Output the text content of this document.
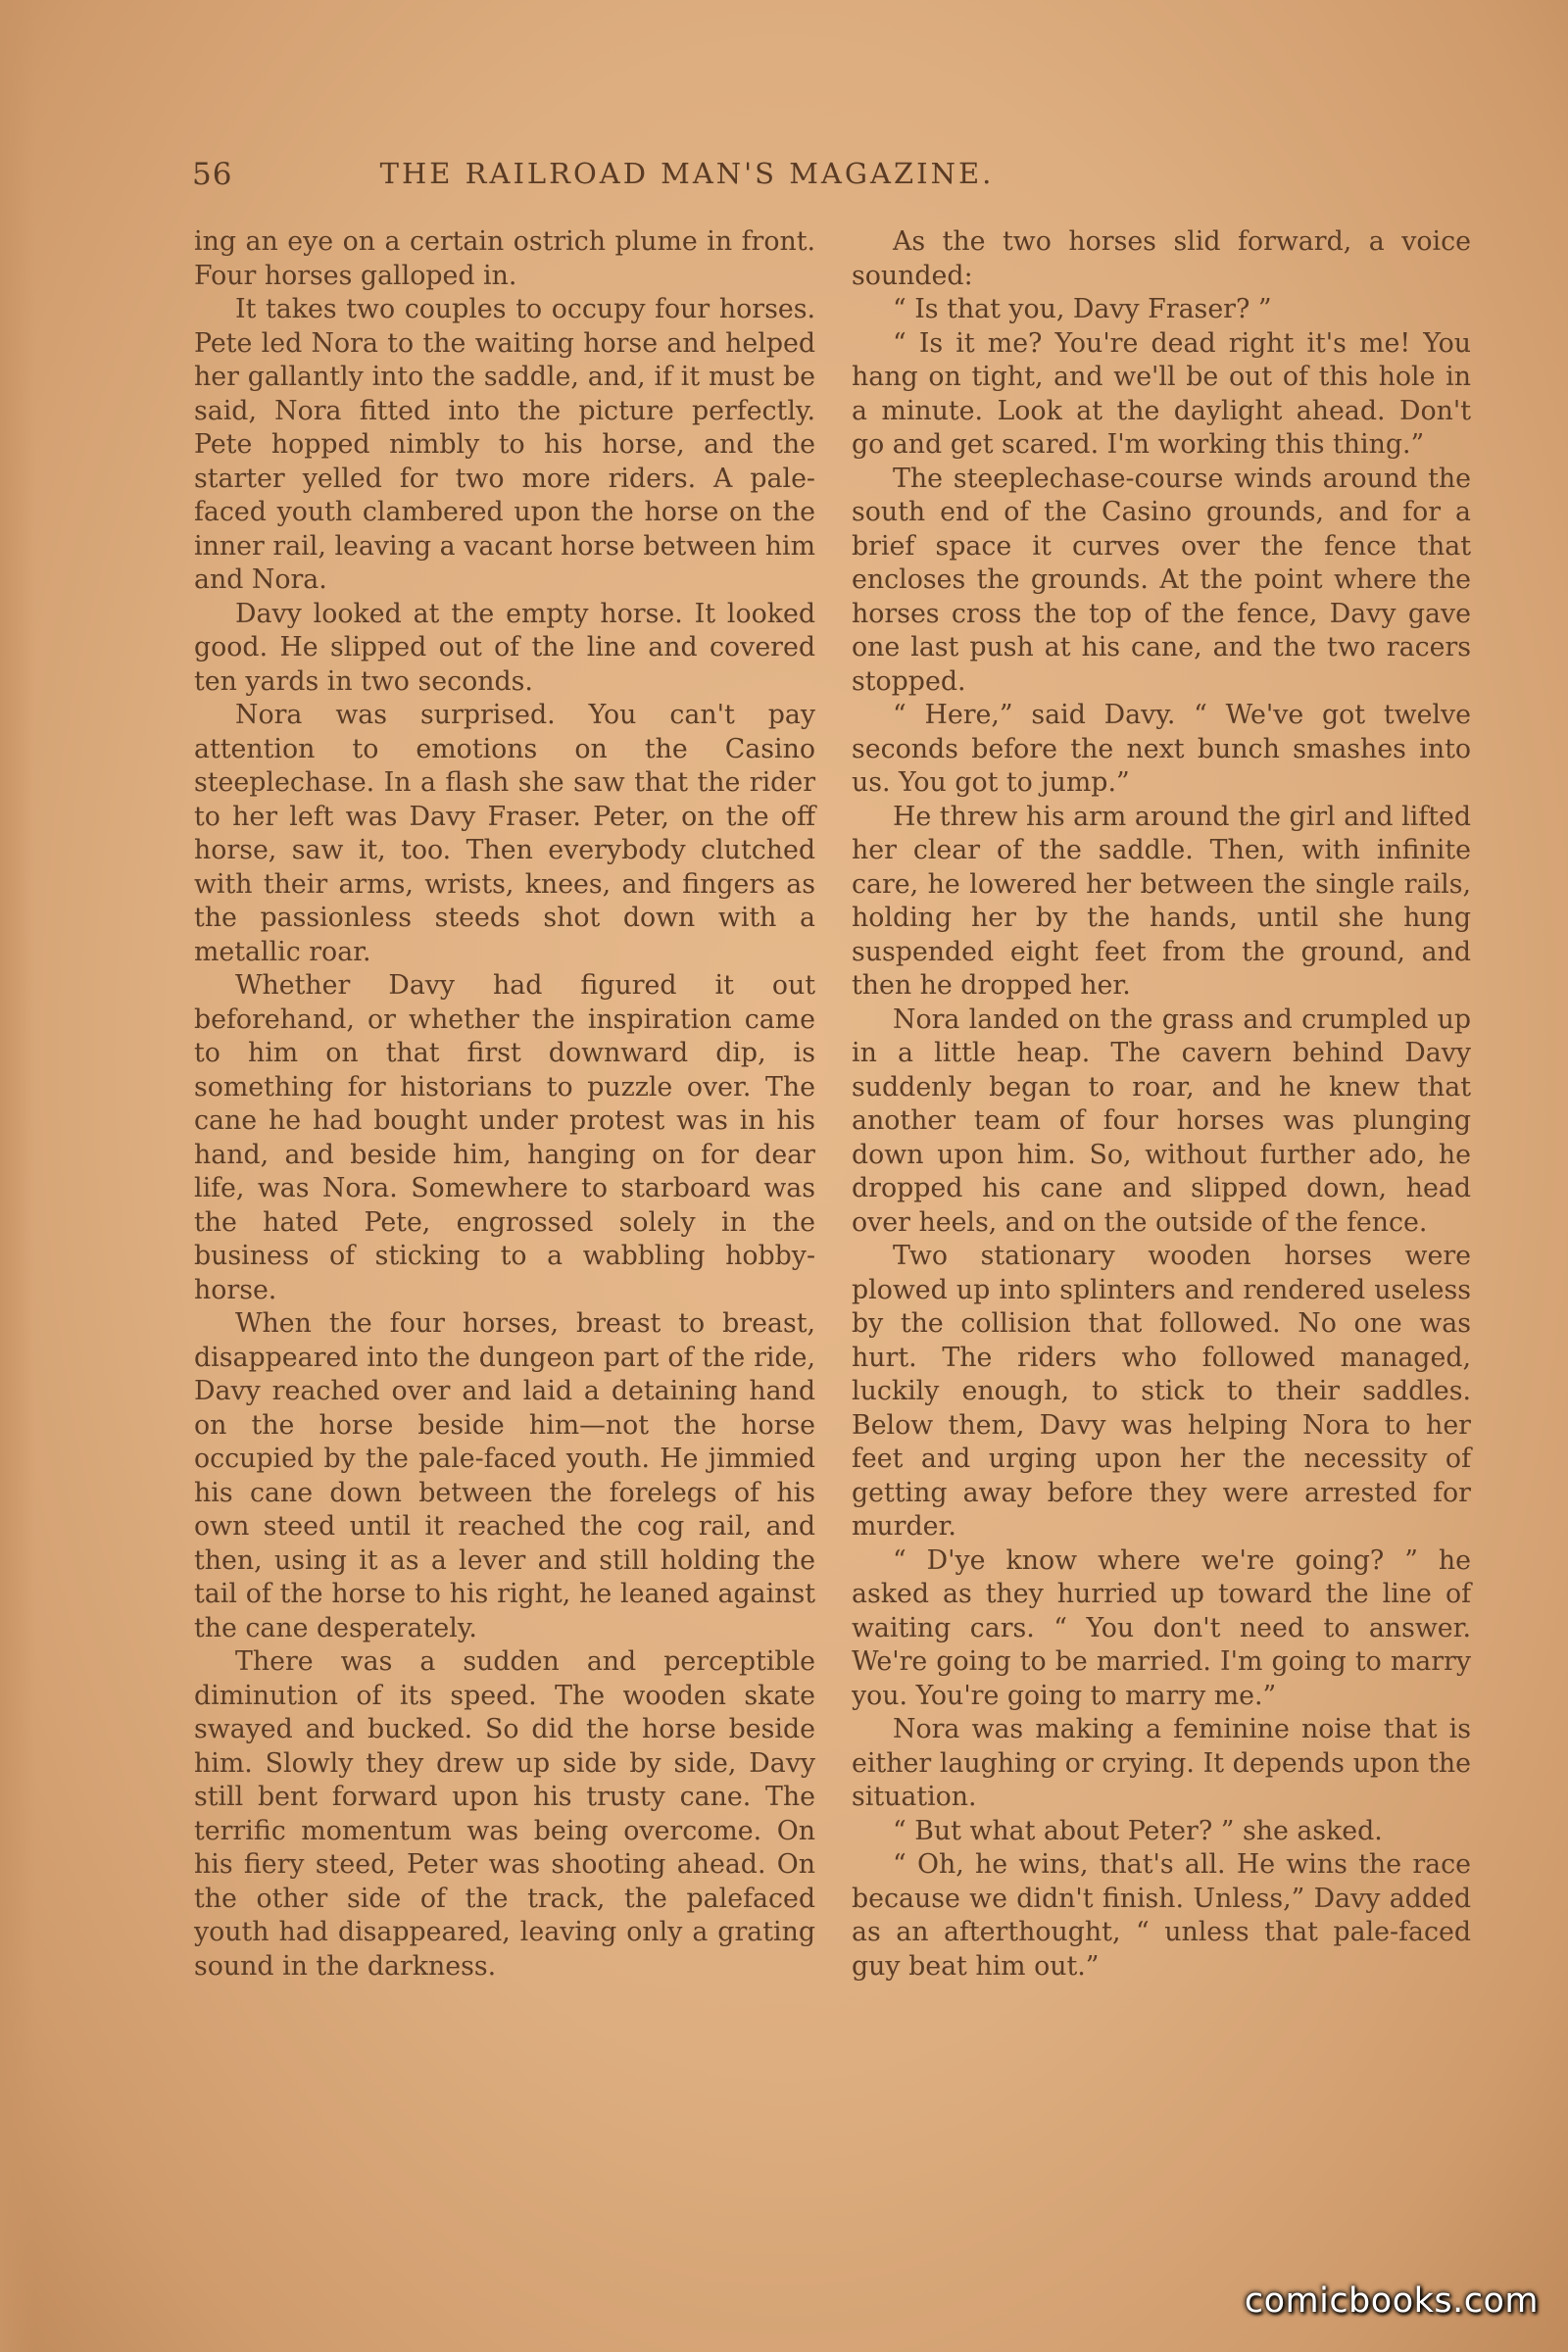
56	THE RAILROAD MAN'S MAGAZINE.

ing an eye on a certain ostrich plume in front. Four horses galloped in.

It takes two couples to occupy four horses. Pete led Nora to the waiting horse and helped her gallantly into the saddle, and, if it must be said, Nora fitted into the picture perfectly. Pete hopped nimbly to his horse, and the starter yelled for two more riders. A pale-faced youth clambered upon the horse on the inner rail, leaving a vacant horse between him and Nora.

Davy looked at the empty horse. It looked good. He slipped out of the line and covered ten yards in two seconds.

Nora was surprised. You can't pay attention to emotions on the Casino steeplechase. In a flash she saw that the rider to her left was Davy Fraser. Peter, on the off horse, saw it, too. Then everybody clutched with their arms, wrists, knees, and fingers as the passionless steeds shot down with a metallic roar.

Whether Davy had figured it out beforehand, or whether the inspiration came to him on that first downward dip, is something for historians to puzzle over. The cane he had bought under protest was in his hand, and beside him, hanging on for dear life, was Nora. Somewhere to starboard was the hated Pete, engrossed solely in the business of sticking to a wabbling hobby-horse.

When the four horses, breast to breast, disappeared into the dungeon part of the ride, Davy reached over and laid a detaining hand on the horse beside him—not the horse occupied by the pale-faced youth. He jimmied his cane down between the forelegs of his own steed until it reached the cog rail, and then, using it as a lever and still holding the tail of the horse to his right, he leaned against the cane desperately.

There was a sudden and perceptible diminution of its speed. The wooden skate swayed and bucked. So did the horse beside him. Slowly they drew up side by side, Davy still bent forward upon his trusty cane. The terrific momentum was being overcome. On his fiery steed, Peter was shooting ahead. On the other side of the track, the palefaced youth had disappeared, leaving only a grating sound in the darkness.

As the two horses slid forward, a voice sounded:

“ Is that you, Davy Fraser? ”

“ Is it me? You're dead right it's me! You hang on tight, and we'll be out of this hole in a minute. Look at the daylight ahead. Don't go and get scared. I'm working this thing.”

The steeplechase-course winds around the south end of the Casino grounds, and for a brief space it curves over the fence that encloses the grounds. At the point where the horses cross the top of the fence, Davy gave one last push at his cane, and the two racers stopped.

“ Here,” said Davy. “ We've got twelve seconds before the next bunch smashes into us. You got to jump.”

He threw his arm around the girl and lifted her clear of the saddle. Then, with infinite care, he lowered her between the single rails, holding her by the hands, until she hung suspended eight feet from the ground, and then he dropped her.

Nora landed on the grass and crumpled up in a little heap. The cavern behind Davy suddenly began to roar, and he knew that another team of four horses was plunging down upon him. So, without further ado, he dropped his cane and slipped down, head over heels, and on the outside of the fence.

Two stationary wooden horses were plowed up into splinters and rendered useless by the collision that followed. No one was hurt. The riders who followed managed, luckily enough, to stick to their saddles. Below them, Davy was helping Nora to her feet and urging upon her the necessity of getting away before they were arrested for murder.

“ D'ye know where we're going? ” he asked as they hurried up toward the line of waiting cars. “ You don't need to answer. We're going to be married. I'm going to marry you. You're going to marry me.”

Nora was making a feminine noise that is either laughing or crying. It depends upon the situation.

“ But what about Peter? ” she asked.

“ Oh, he wins, that's all. He wins the race because we didn't finish. Unless,” Davy added as an afterthought, “ unless that pale-faced guy beat him out.”

comicbooks.com
